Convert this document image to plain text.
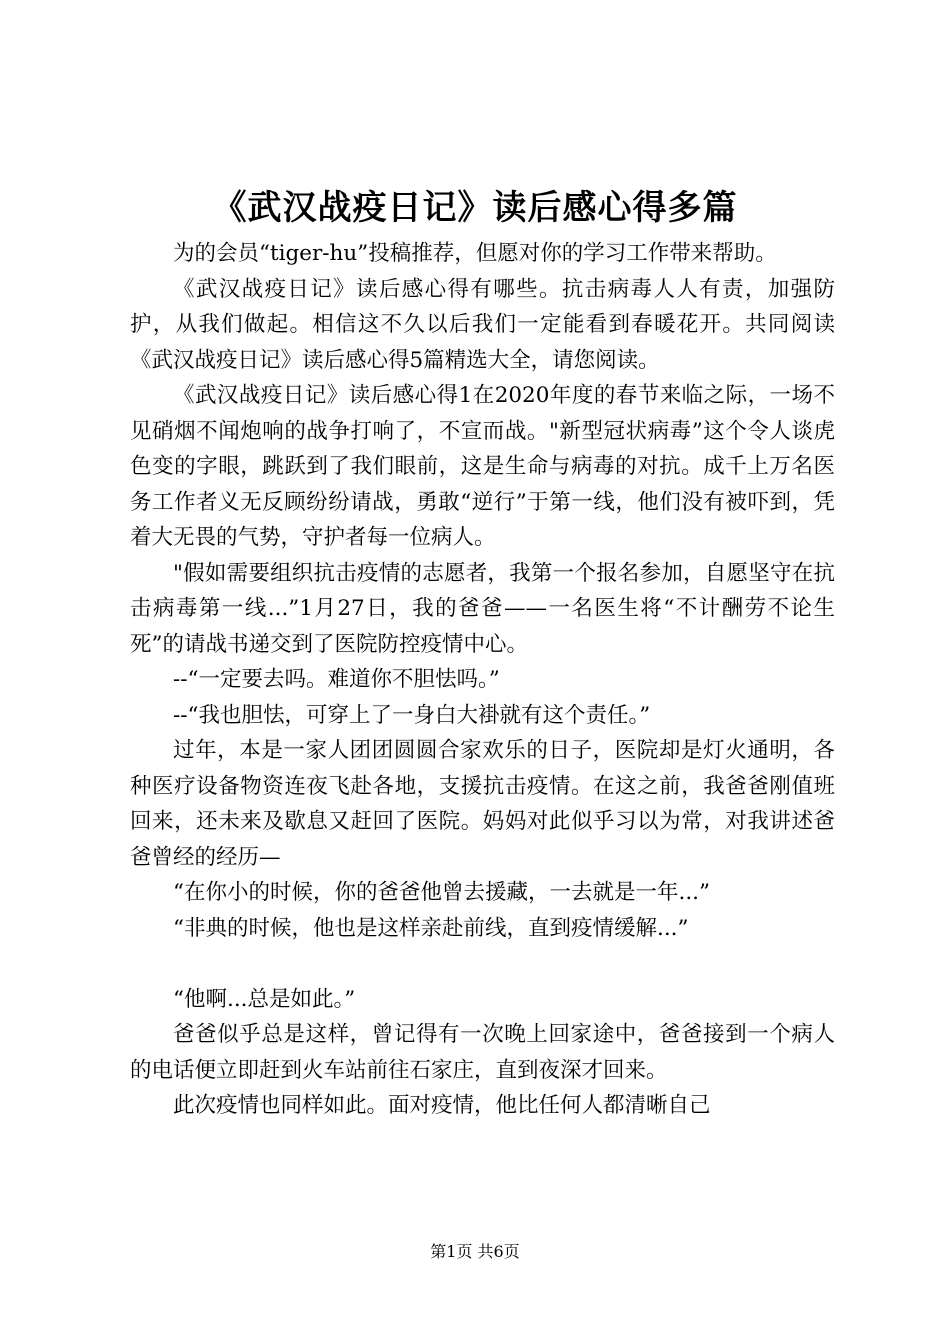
《武汉战疫日记》读后感心得多篇

为的会员“tiger-hu”投稿推荐，但愿对你的学习工作带来帮助。

《武汉战疫日记》读后感心得有哪些。抗击病毒人人有责，加强防护，从我们做起。相信这不久以后我们一定能看到春暖花开。共同阅读《武汉战疫日记》读后感心得5篇精选大全，请您阅读。

《武汉战疫日记》读后感心得1在2020年度的春节来临之际，一场不见硝烟不闻炮响的战争打响了，不宣而战。"新型冠状病毒”这个令人谈虎色变的字眼，跳跃到了我们眼前，这是生命与病毒的对抗。成千上万名医务工作者义无反顾纷纷请战，勇敢“逆行”于第一线，他们没有被吓到，凭着大无畏的气势，守护者每一位病人。

"假如需要组织抗击疫情的志愿者，我第一个报名参加，自愿坚守在抗击病毒第一线...”1月27日，我的爸爸——一名医生将“不计酬劳不论生死”的请战书递交到了医院防控疫情中心。

--“一定要去吗。难道你不胆怯吗。”

--“我也胆怯，可穿上了一身白大褂就有这个责任。”

过年，本是一家人团团圆圆合家欢乐的日子，医院却是灯火通明，各种医疗设备物资连夜飞赴各地，支援抗击疫情。在这之前，我爸爸刚值班回来，还未来及歇息又赶回了医院。妈妈对此似乎习以为常，对我讲述爸爸曾经的经历—

“在你小的时候，你的爸爸他曾去援藏，一去就是一年...”

“非典的时候，他也是这样亲赴前线，直到疫情缓解...”

“他啊...总是如此。”

爸爸似乎总是这样，曾记得有一次晚上回家途中，爸爸接到一个病人的电话便立即赶到火车站前往石家庄，直到夜深才回来。

此次疫情也同样如此。面对疫情，他比任何人都清晰自己

第1页 共6页
